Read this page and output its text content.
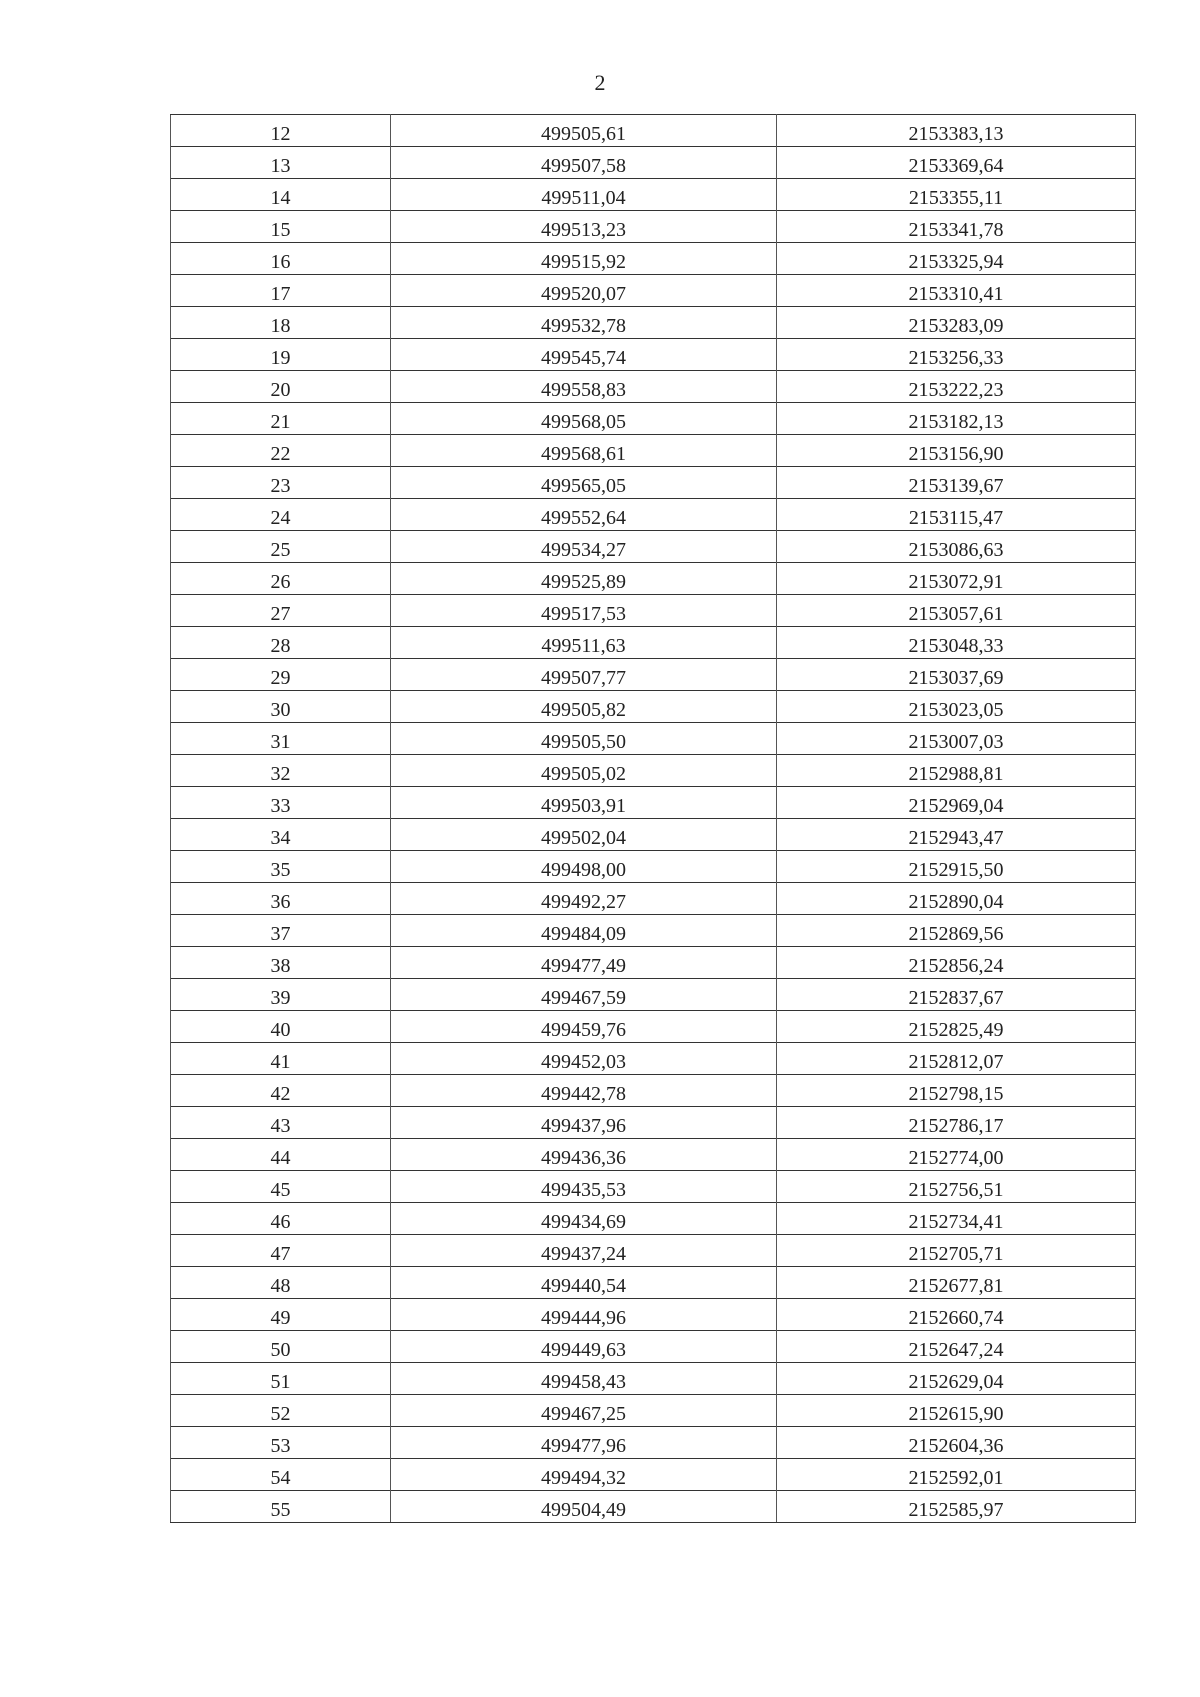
2
12	499505,61	2153383,13
13	499507,58	2153369,64
14	499511,04	2153355,11
15	499513,23	2153341,78
16	499515,92	2153325,94
17	499520,07	2153310,41
18	499532,78	2153283,09
19	499545,74	2153256,33
20	499558,83	2153222,23
21	499568,05	2153182,13
22	499568,61	2153156,90
23	499565,05	2153139,67
24	499552,64	2153115,47
25	499534,27	2153086,63
26	499525,89	2153072,91
27	499517,53	2153057,61
28	499511,63	2153048,33
29	499507,77	2153037,69
30	499505,82	2153023,05
31	499505,50	2153007,03
32	499505,02	2152988,81
33	499503,91	2152969,04
34	499502,04	2152943,47
35	499498,00	2152915,50
36	499492,27	2152890,04
37	499484,09	2152869,56
38	499477,49	2152856,24
39	499467,59	2152837,67
40	499459,76	2152825,49
41	499452,03	2152812,07
42	499442,78	2152798,15
43	499437,96	2152786,17
44	499436,36	2152774,00
45	499435,53	2152756,51
46	499434,69	2152734,41
47	499437,24	2152705,71
48	499440,54	2152677,81
49	499444,96	2152660,74
50	499449,63	2152647,24
51	499458,43	2152629,04
52	499467,25	2152615,90
53	499477,96	2152604,36
54	499494,32	2152592,01
55	499504,49	2152585,97
